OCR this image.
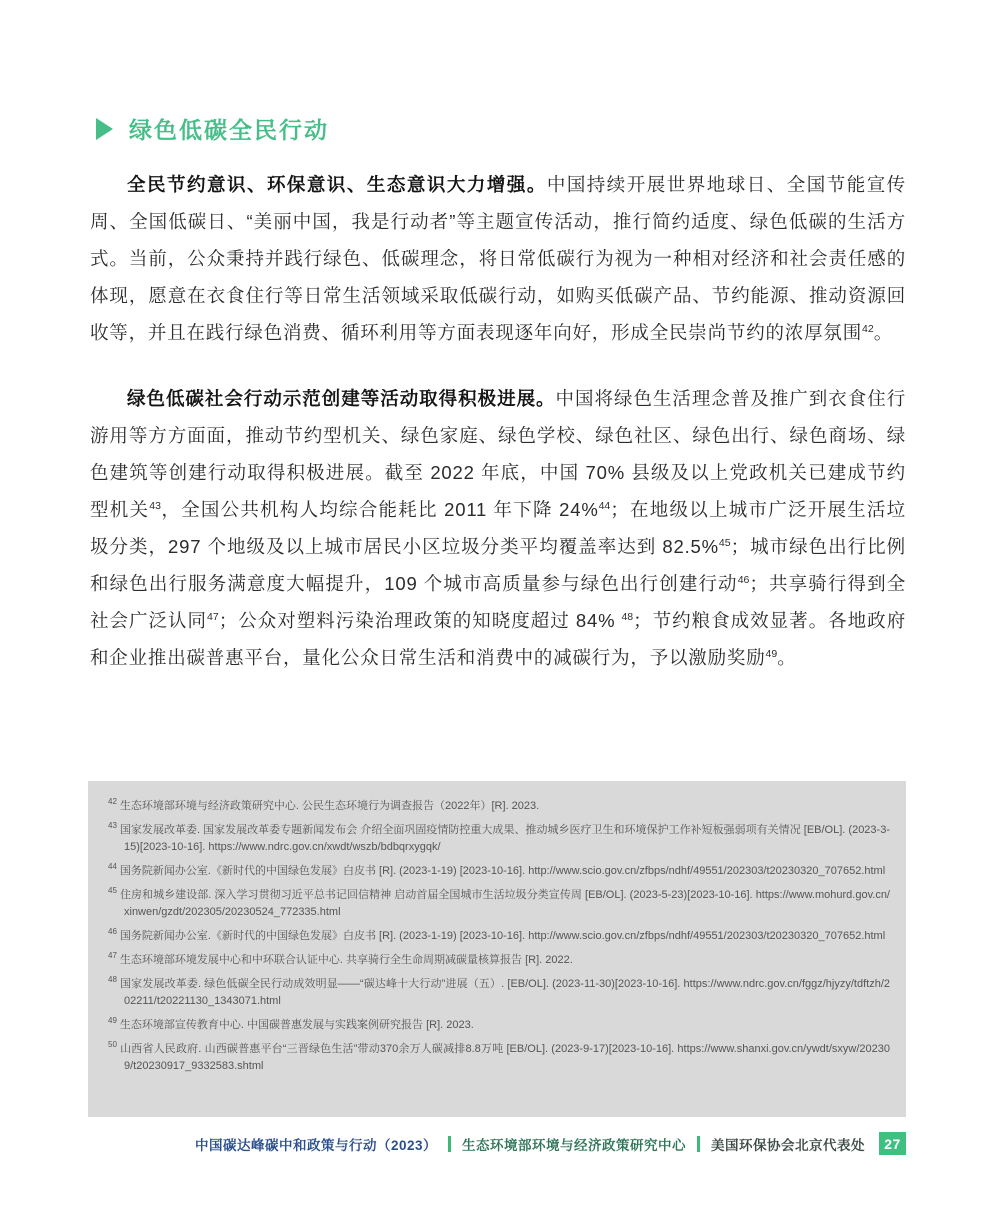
绿色低碳全民行动

全民节约意识、环保意识、生态意识大力增强。中国持续开展世界地球日、全国节能宣传周、全国低碳日、“美丽中国，我是行动者”等主题宣传活动，推行简约适度、绿色低碳的生活方式。当前，公众秉持并践行绿色、低碳理念，将日常低碳行为视为一种相对经济和社会责任感的体现，愿意在衣食住行等日常生活领域采取低碳行动，如购买低碳产品、节约能源、推动资源回收等，并且在践行绿色消费、循环利用等方面表现逐年向好，形成全民崇尚节约的浓厚氛围$^{42}$。

绿色低碳社会行动示范创建等活动取得积极进展。中国将绿色生活理念普及推广到衣食住行游用等方方面面，推动节约型机关、绿色家庭、绿色学校、绿色社区、绿色出行、绿色商场、绿色建筑等创建行动取得积极进展。截至 2022 年底，中国 70% 县级及以上党政机关已建成节约型机关$^{43}$，全国公共机构人均综合能耗比 2011 年下降 24%$^{44}$；在地级以上城市广泛开展生活垃圾分类，297 个地级及以上城市居民小区垃圾分类平均覆盖率达到 82.5%$^{45}$；城市绿色出行比例和绿色出行服务满意度大幅提升，109 个城市高质量参与绿色出行创建行动$^{46}$；共享骑行得到全社会广泛认同$^{47}$；公众对塑料污染治理政策的知晓度超过 84% $^{48}$；节约粮食成效显著。各地政府和企业推出碳普惠平台，量化公众日常生活和消费中的减碳行为，予以激励奖励$^{49}$。

$^{42}$ 生态环境部环境与经济政策研究中心. 公民生态环境行为调查报告（2022年）[R]. 2023.
$^{43}$ 国家发展改革委. 国家发展改革委专题新闻发布会 介绍全面巩固疫情防控重大成果、推动城乡医疗卫生和环境保护工作补短板强弱项有关情况 [EB/OL]. (2023-3-15)[2023-10-16]. https://www.ndrc.gov.cn/xwdt/wszb/bdbqrxygqk/
$^{44}$ 国务院新闻办公室.《新时代的中国绿色发展》白皮书 [R]. (2023-1-19) [2023-10-16]. http://www.scio.gov.cn/zfbps/ndhf/49551/202303/t20230320_707652.html
$^{45}$ 住房和城乡建设部. 深入学习贯彻习近平总书记回信精神 启动首届全国城市生活垃圾分类宣传周 [EB/OL]. (2023-5-23)[2023-10-16]. https://www.mohurd.gov.cn/xinwen/gzdt/202305/20230524_772335.html
$^{46}$ 国务院新闻办公室.《新时代的中国绿色发展》白皮书 [R]. (2023-1-19) [2023-10-16]. http://www.scio.gov.cn/zfbps/ndhf/49551/202303/t20230320_707652.html
$^{47}$ 生态环境部环境发展中心和中环联合认证中心. 共享骑行全生命周期减碳量核算报告 [R]. 2022.
$^{48}$ 国家发展改革委. 绿色低碳全民行动成效明显——“碳达峰十大行动”进展（五）. [EB/OL]. (2023-11-30)[2023-10-16]. https://www.ndrc.gov.cn/fggz/hjyzy/tdftzh/202211/t20221130_1343071.html
$^{49}$ 生态环境部宣传教育中心. 中国碳普惠发展与实践案例研究报告 [R]. 2023.
$^{50}$ 山西省人民政府. 山西碳普惠平台“三晋绿色生活”带动370余万人碳减排8.8万吨 [EB/OL]. (2023-9-17)[2023-10-16]. https://www.shanxi.gov.cn/ywdt/sxyw/202309/t20230917_9332583.shtml
中国碳达峰碳中和政策与行动（2023） 生态环境部环境与经济政策研究中心 美国环保协会北京代表处	27
